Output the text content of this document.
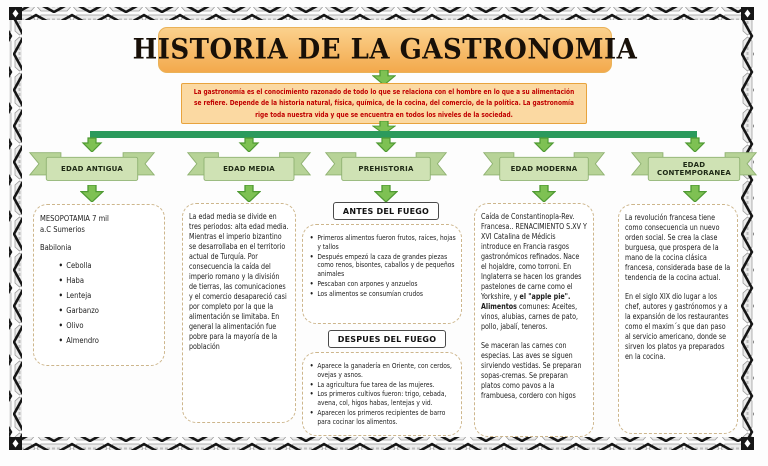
HISTORIA DE LA GASTRONOMIA
La gastronomía es el conocimiento razonado de todo lo que se relaciona con el hombre en lo que a su alimentación se refiere. Depende de la historia natural, física, química, de la cocina, del comercio, de la política. La gastronomía rige toda nuestra vida y que se encuentra en todos los niveles de la sociedad.
EDAD ANTIGUA	EDAD MEDIA	PREHISTORIA	EDAD MODERNA	EDAD CONTEMPORANEA
MESOPOTAMIA 7 mil a.C Sumerios
Babilonia
• Cebolla
• Haba
• Lenteja
• Garbanzo
• Olivo
• Almendro
La edad media se divide en tres periodos: alta edad media. Mientras el imperio bizantino se desarrollaba en el territorio actual de Turquía. Por consecuencia la caída del imperio romano y la división de tierras, las comunicaciones y el comercio desapareció casi por completo por la que la alimentación se limitaba. En general la alimentación fue pobre para la mayoría de la población
ANTES DEL FUEGO
• Primeros alimentos fueron frutos, raíces, hojas y tallos
• Después empezó la caza de grandes piezas como renos, bisontes, caballos y de pequeños animales
• Pescaban con arpones y anzuelos
• Los alimentos se consumían crudos
DESPUES DEL FUEGO
• Aparece la ganadería en Oriente, con cerdos, ovejas y asnos.
• La agricultura fue tarea de las mujeres.
• Los primeros cultivos fueron: trigo, cebada, avena, col, higos habas, lentejas y vid.
• Aparecen los primeros recipientes de barro para cocinar los alimentos.

Caída de Constantinopla-Rev. Francesa.. RENACIMIENTO S.XV Y XVI Catalina de Médicis introduce en Francia rasgos gastronómicos refinados. Nace el hojaldre, como torroni. En Inglaterra se hacen los grandes pastelones de carne como el Yorkshire, y el "apple pie". Alimentos comunes: Aceites, vinos, alubias, carnes de pato, pollo, jabalí, teneros.

Se maceran las carnes con especias. Las aves se siguen sirviendo vestidas. Se preparan sopas-cremas. Se preparan platos como pavos a la frambuesa, cordero con higos

La revolución francesa tiene como consecuencia un nuevo orden social. Se crea la clase burguesa, que prospera de la mano de la cocina clásica francesa, considerada base de la tendencia de la cocina actual.

En el siglo XIX dio lugar a los chef, autores y gastrónomos y a la expansión de los restaurantes como el maxim´s que dan paso al servicio americano, donde se sirven los platos ya preparados en la cocina.
